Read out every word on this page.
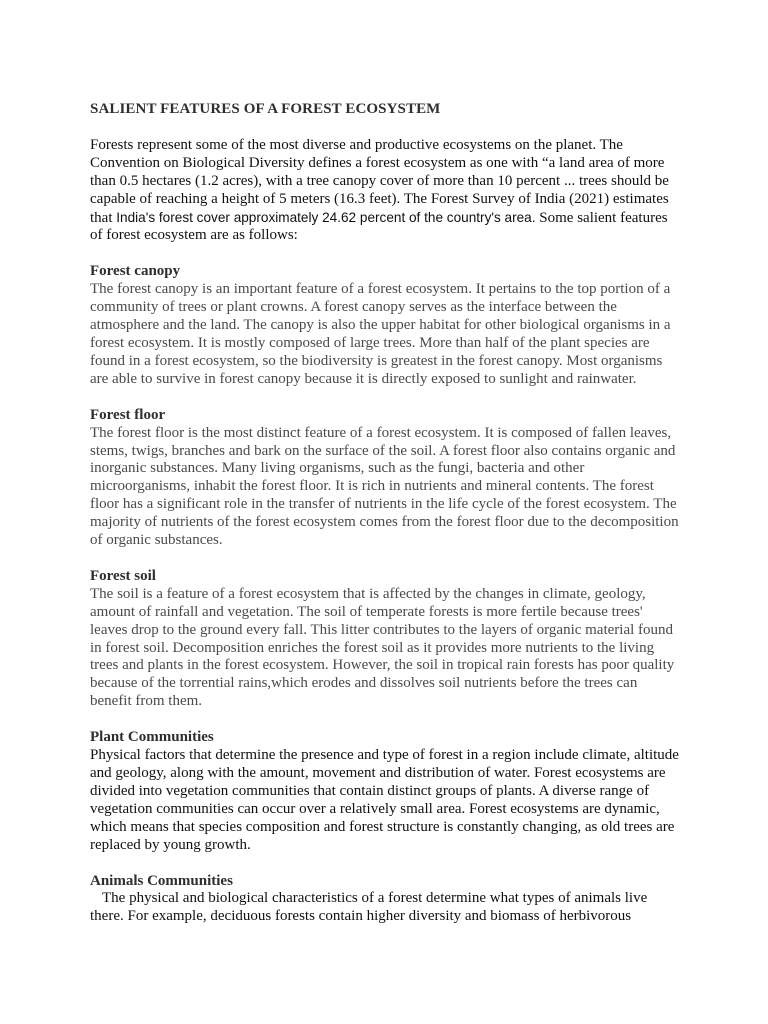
SALIENT FEATURES OF A FOREST ECOSYSTEM

Forests represent some of the most diverse and productive ecosystems on the planet. The Convention on Biological Diversity defines a forest ecosystem as one with “a land area of more than 0.5 hectares (1.2 acres), with a tree canopy cover of more than 10 percent ... trees should be capable of reaching a height of 5 meters (16.3 feet). The Forest Survey of India (2021) estimates that India's forest cover approximately 24.62 percent of the country's area. Some salient features of forest ecosystem are as follows:

Forest canopy

The forest canopy is an important feature of a forest ecosystem. It pertains to the top portion of a community of trees or plant crowns. A forest canopy serves as the interface between the atmosphere and the land. The canopy is also the upper habitat for other biological organisms in a forest ecosystem. It is mostly composed of large trees. More than half of the plant species are found in a forest ecosystem, so the biodiversity is greatest in the forest canopy. Most organisms are able to survive in forest canopy because it is directly exposed to sunlight and rainwater.

Forest floor

The forest floor is the most distinct feature of a forest ecosystem. It is composed of fallen leaves, stems, twigs, branches and bark on the surface of the soil. A forest floor also contains organic and inorganic substances. Many living organisms, such as the fungi, bacteria and other microorganisms, inhabit the forest floor. It is rich in nutrients and mineral contents. The forest floor has a significant role in the transfer of nutrients in the life cycle of the forest ecosystem. The majority of nutrients of the forest ecosystem comes from the forest floor due to the decomposition of organic substances.

Forest soil

The soil is a feature of a forest ecosystem that is affected by the changes in climate, geology, amount of rainfall and vegetation. The soil of temperate forests is more fertile because trees' leaves drop to the ground every fall. This litter contributes to the layers of organic material found in forest soil. Decomposition enriches the forest soil as it provides more nutrients to the living trees and plants in the forest ecosystem. However, the soil in tropical rain forests has poor quality because of the torrential rains,which erodes and dissolves soil nutrients before the trees can benefit from them.

Plant Communities

Physical factors that determine the presence and type of forest in a region include climate, altitude and geology, along with the amount, movement and distribution of water. Forest ecosystems are divided into vegetation communities that contain distinct groups of plants. A diverse range of vegetation communities can occur over a relatively small area. Forest ecosystems are dynamic, which means that species composition and forest structure is constantly changing, as old trees are replaced by young growth.

Animals Communities

The physical and biological characteristics of a forest determine what types of animals live there. For example, deciduous forests contain higher diversity and biomass of herbivorous
